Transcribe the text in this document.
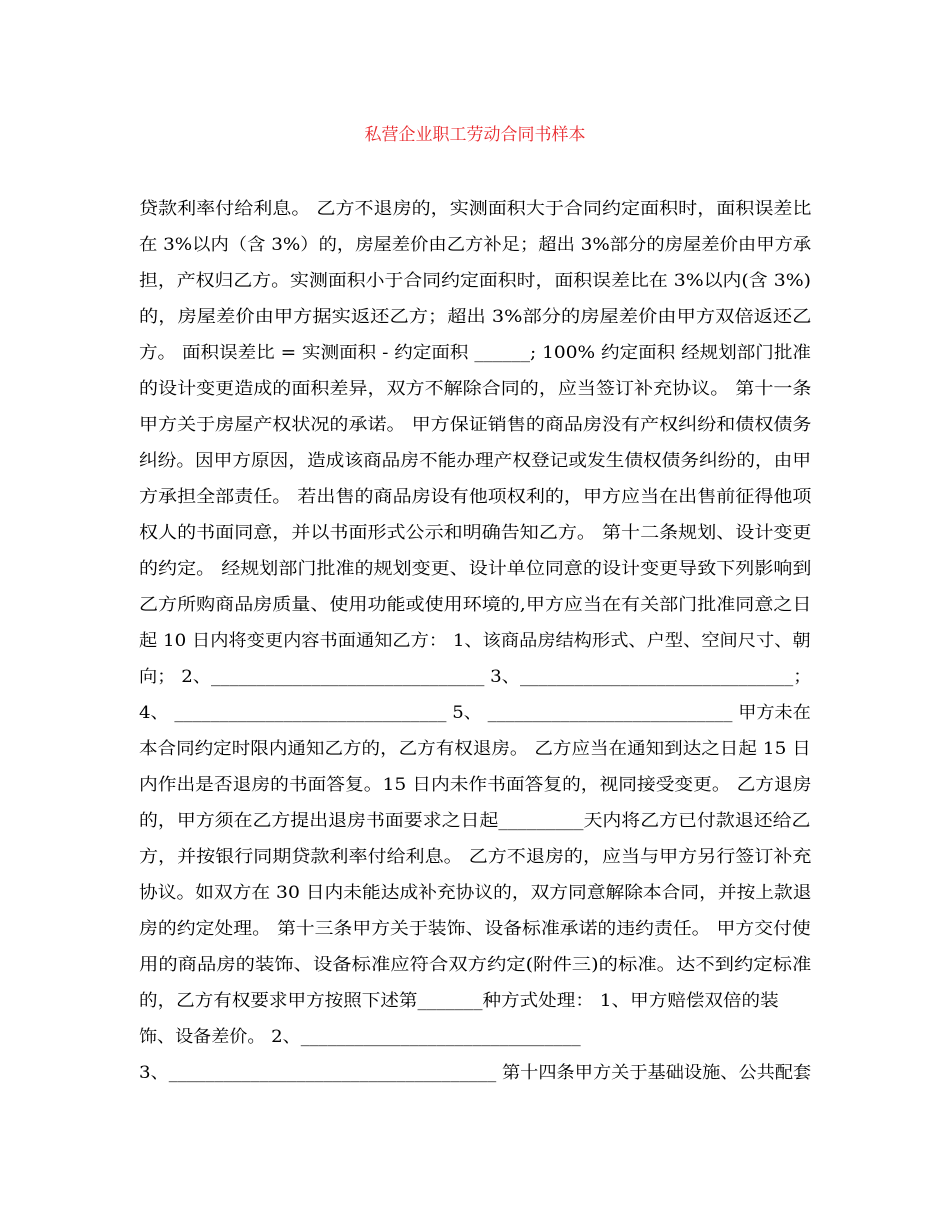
私营企业职工劳动合同书样本
贷款利率付给利息。 乙方不退房的，实测面积大于合同约定面积时，面积误差比
在 3%以内（含 3%）的，房屋差价由乙方补足；超出 3%部分的房屋差价由甲方承
担，产权归乙方。实测面积小于合同约定面积时，面积误差比在 3%以内(含 3%)
的，房屋差价由甲方据实返还乙方；超出 3%部分的房屋差价由甲方双倍返还乙
方。 面积误差比 = 实测面积 - 约定面积 ______; 100% 约定面积 经规划部门批准
的设计变更造成的面积差异，双方不解除合同的，应当签订补充协议。 第十一条
甲方关于房屋产权状况的承诺。 甲方保证销售的商品房没有产权纠纷和债权债务
纠纷。因甲方原因，造成该商品房不能办理产权登记或发生债权债务纠纷的，由甲
方承担全部责任。 若出售的商品房设有他项权利的，甲方应当在出售前征得他项
权人的书面同意，并以书面形式公示和明确告知乙方。 第十二条规划、设计变更
的约定。 经规划部门批准的规划变更、设计单位同意的设计变更导致下列影响到
乙方所购商品房质量、使用功能或使用环境的,甲方应当在有关部门批准同意之日
起 10 日内将变更内容书面通知乙方： 1、该商品房结构形式、户型、空间尺寸、朝
向； 2、______________________________ 3、______________________________；
4、 ______________________________ 5、 ___________________________ 甲方未在
本合同约定时限内通知乙方的，乙方有权退房。 乙方应当在通知到达之日起 15 日
内作出是否退房的书面答复。15 日内未作书面答复的，视同接受变更。 乙方退房
的，甲方须在乙方提出退房书面要求之日起_________天内将乙方已付款退还给乙
方，并按银行同期贷款利率付给利息。 乙方不退房的，应当与甲方另行签订补充
协议。如双方在 30 日内未能达成补充协议的，双方同意解除本合同，并按上款退
房的约定处理。 第十三条甲方关于装饰、设备标准承诺的违约责任。 甲方交付使
用的商品房的装饰、设备标准应符合双方约定(附件三)的标准。达不到约定标准
的，乙方有权要求甲方按照下述第_______种方式处理： 1、甲方赔偿双倍的装
饰、设备差价。 2、_______________________________
3、____________________________________ 第十四条甲方关于基础设施、公共配套
